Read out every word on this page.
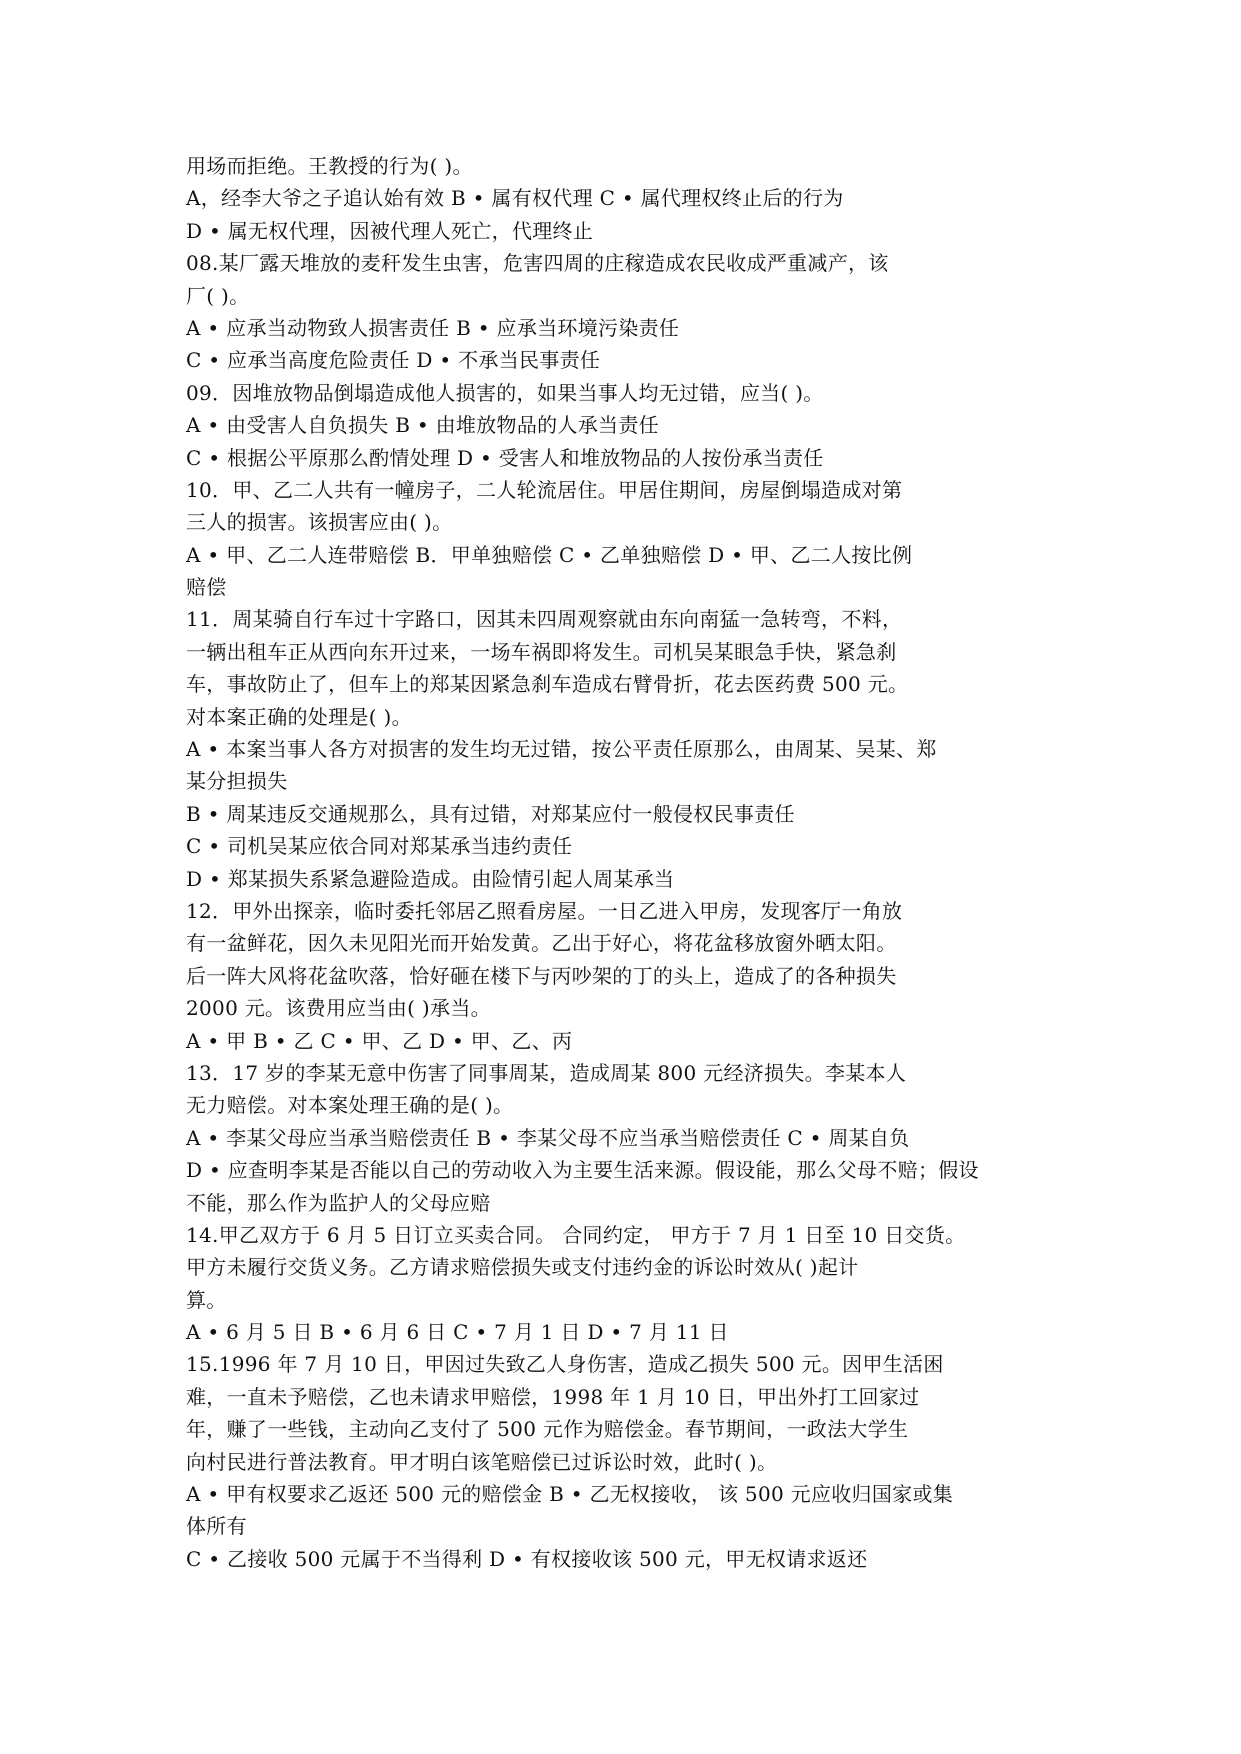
用场而拒绝。王教授的行为( )。
A，经李大爷之子追认始有效 B • 属有权代理 C • 属代理权终止后的行为
D • 属无权代理，因被代理人死亡，代理终止
08.某厂露天堆放的麦秆发生虫害，危害四周的庄稼造成农民收成严重减产，该
厂( )。
A • 应承当动物致人损害责任 B • 应承当环境污染责任
C • 应承当高度危险责任 D • 不承当民事责任
09．因堆放物品倒塌造成他人损害的，如果当事人均无过错，应当( )。
A • 由受害人自负损失 B • 由堆放物品的人承当责任
C • 根据公平原那么酌情处理 D • 受害人和堆放物品的人按份承当责任
10．甲、乙二人共有一幢房子，二人轮流居住。甲居住期间，房屋倒塌造成对第
三人的损害。该损害应由( )。
A • 甲、乙二人连带赔偿 B．甲单独赔偿 C • 乙单独赔偿 D • 甲、乙二人按比例
赔偿
11．周某骑自行车过十字路口，因其未四周观察就由东向南猛一急转弯，不料，
一辆出租车正从西向东开过来，一场车祸即将发生。司机吴某眼急手快，紧急刹
车，事故防止了，但车上的郑某因紧急刹车造成右臂骨折，花去医药费 500 元。
对本案正确的处理是( )。
A • 本案当事人各方对损害的发生均无过错，按公平责任原那么，由周某、吴某、郑
某分担损失
B • 周某违反交通规那么，具有过错，对郑某应付一般侵权民事责任
C • 司机吴某应依合同对郑某承当违约责任
D • 郑某损失系紧急避险造成。由险情引起人周某承当
12．甲外出探亲，临时委托邻居乙照看房屋。一日乙进入甲房，发现客厅一角放
有一盆鲜花，因久未见阳光而开始发黄。乙出于好心，将花盆移放窗外晒太阳。
后一阵大风将花盆吹落，恰好砸在楼下与丙吵架的丁的头上，造成了的各种损失
2000 元。该费用应当由( )承当。
A • 甲 B • 乙 C • 甲、乙 D • 甲、乙、丙
13．17 岁的李某无意中伤害了同事周某，造成周某 800 元经济损失。李某本人
无力赔偿。对本案处理王确的是( )。
A • 李某父母应当承当赔偿责任 B • 李某父母不应当承当赔偿责任 C • 周某自负
D • 应查明李某是否能以自己的劳动收入为主要生活来源。假设能，那么父母不赔；假设
不能，那么作为监护人的父母应赔
14.甲乙双方于 6 月 5 日订立买卖合同。 合同约定， 甲方于 7 月 1 日至 10 日交货。
甲方未履行交货义务。乙方请求赔偿损失或支付违约金的诉讼时效从( )起计
算。
A • 6 月 5 日 B • 6 月 6 日 C • 7 月 1 日 D • 7 月 11 日
15.1996 年 7 月 10 日，甲因过失致乙人身伤害，造成乙损失 500 元。因甲生活困
难，一直未予赔偿，乙也未请求甲赔偿，1998 年 1 月 10 日，甲出外打工回家过
年，赚了一些钱，主动向乙支付了 500 元作为赔偿金。春节期间，一政法大学生
向村民进行普法教育。甲才明白该笔赔偿已过诉讼时效，此时( )。
A • 甲有权要求乙返还 500 元的赔偿金 B • 乙无权接收， 该 500 元应收归国家或集
体所有
C • 乙接收 500 元属于不当得利 D • 有权接收该 500 元，甲无权请求返还
